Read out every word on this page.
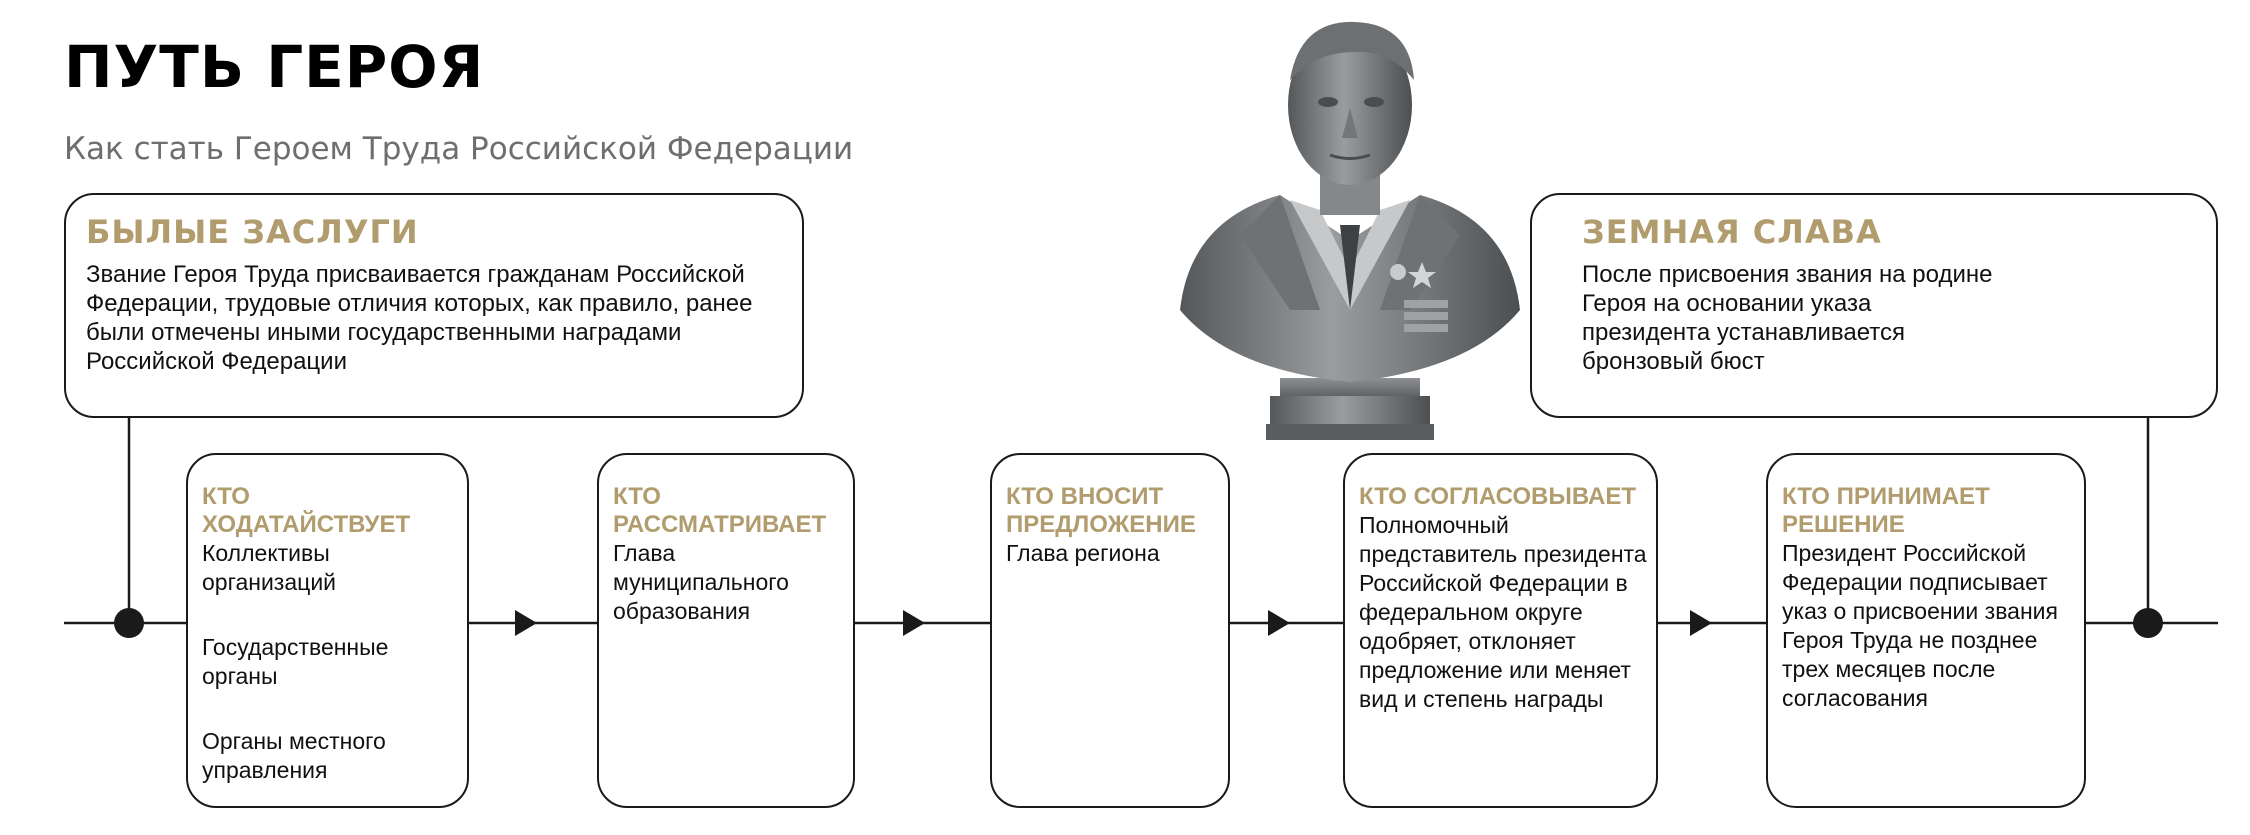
ПУТЬ ГЕРОЯ
Как стать Героем Труда Российской Федерации
БЫЛЫЕ ЗАСЛУГИ
Звание Героя Труда присваивается гражданам Российской Федерации, трудовые отличия которых, как правило, ранее были отмечены иными государственными наградами Российской Федерации
ЗЕМНАЯ СЛАВА
После присвоения звания на родине Героя на основании указа президента устанавливается бронзовый бюст
КТО ХОДАТАЙСТВУЕТ
Коллективы организаций
Государственные органы
Органы местного управления
КТО РАССМАТРИВАЕТ
Глава муниципального образования
КТО ВНОСИТ ПРЕДЛОЖЕНИЕ
Глава региона
КТО СОГЛАСОВЫВАЕТ
Полномочный представитель президента Российской Федерации в федеральном округе одобряет, отклоняет предложение или меняет вид и степень награды
КТО ПРИНИМАЕТ РЕШЕНИЕ
Президент Российской Федерации подписывает указ о присвоении звания Героя Труда не позднее трех месяцев после согласования
